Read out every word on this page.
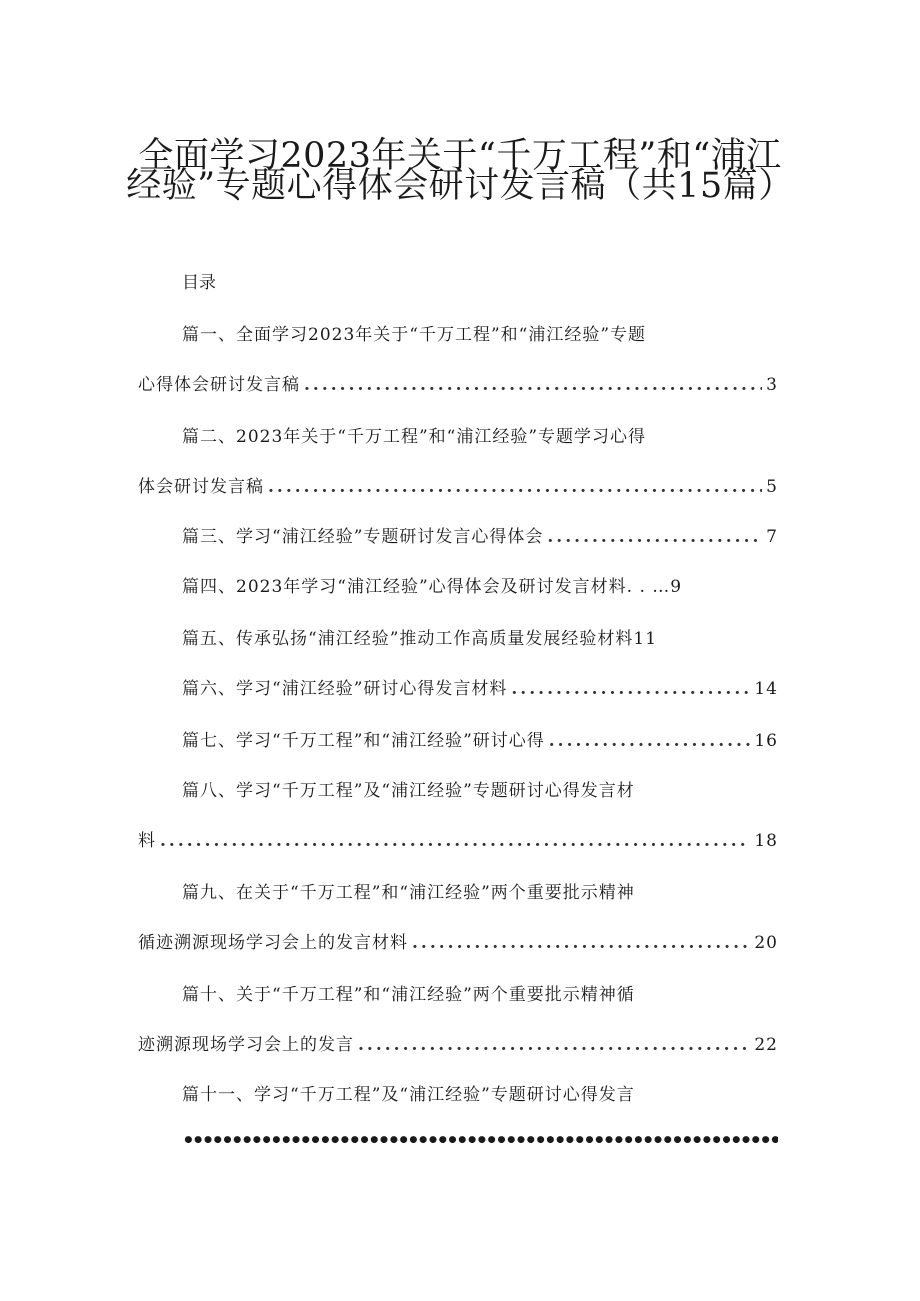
全面学习2023年关于“千万工程”和“浦江
经验”专题心得体会研讨发言稿（共15篇）
目录
篇一、全面学习2023年关于“千万工程”和“浦江经验”专题
心得体会研讨发言稿 .....	3
篇二、2023年关于“千万工程”和“浦江经验”专题学习心得
体会研讨发言稿 .....	5
篇三、学习“浦江经验”专题研讨发言心得体会 .....	7
篇四、2023年学习“浦江经验”心得体会及研讨发言材料. . …9
篇五、传承弘扬“浦江经验”推动工作高质量发展经验材料11
篇六、学习“浦江经验”研讨心得发言材料 .....	14
篇七、学习“千万工程”和“浦江经验”研讨心得 .....	16
篇八、学习“千万工程”及“浦江经验”专题研讨心得发言材
料 .....	18
篇九、在关于“千万工程”和“浦江经验”两个重要批示精神
循迹溯源现场学习会上的发言材料 .....	20
篇十、关于“千万工程”和“浦江经验”两个重要批示精神循
迹溯源现场学习会上的发言 .....	22
篇十一、学习“千万工程”及“浦江经验”专题研讨心得发言
•••••
